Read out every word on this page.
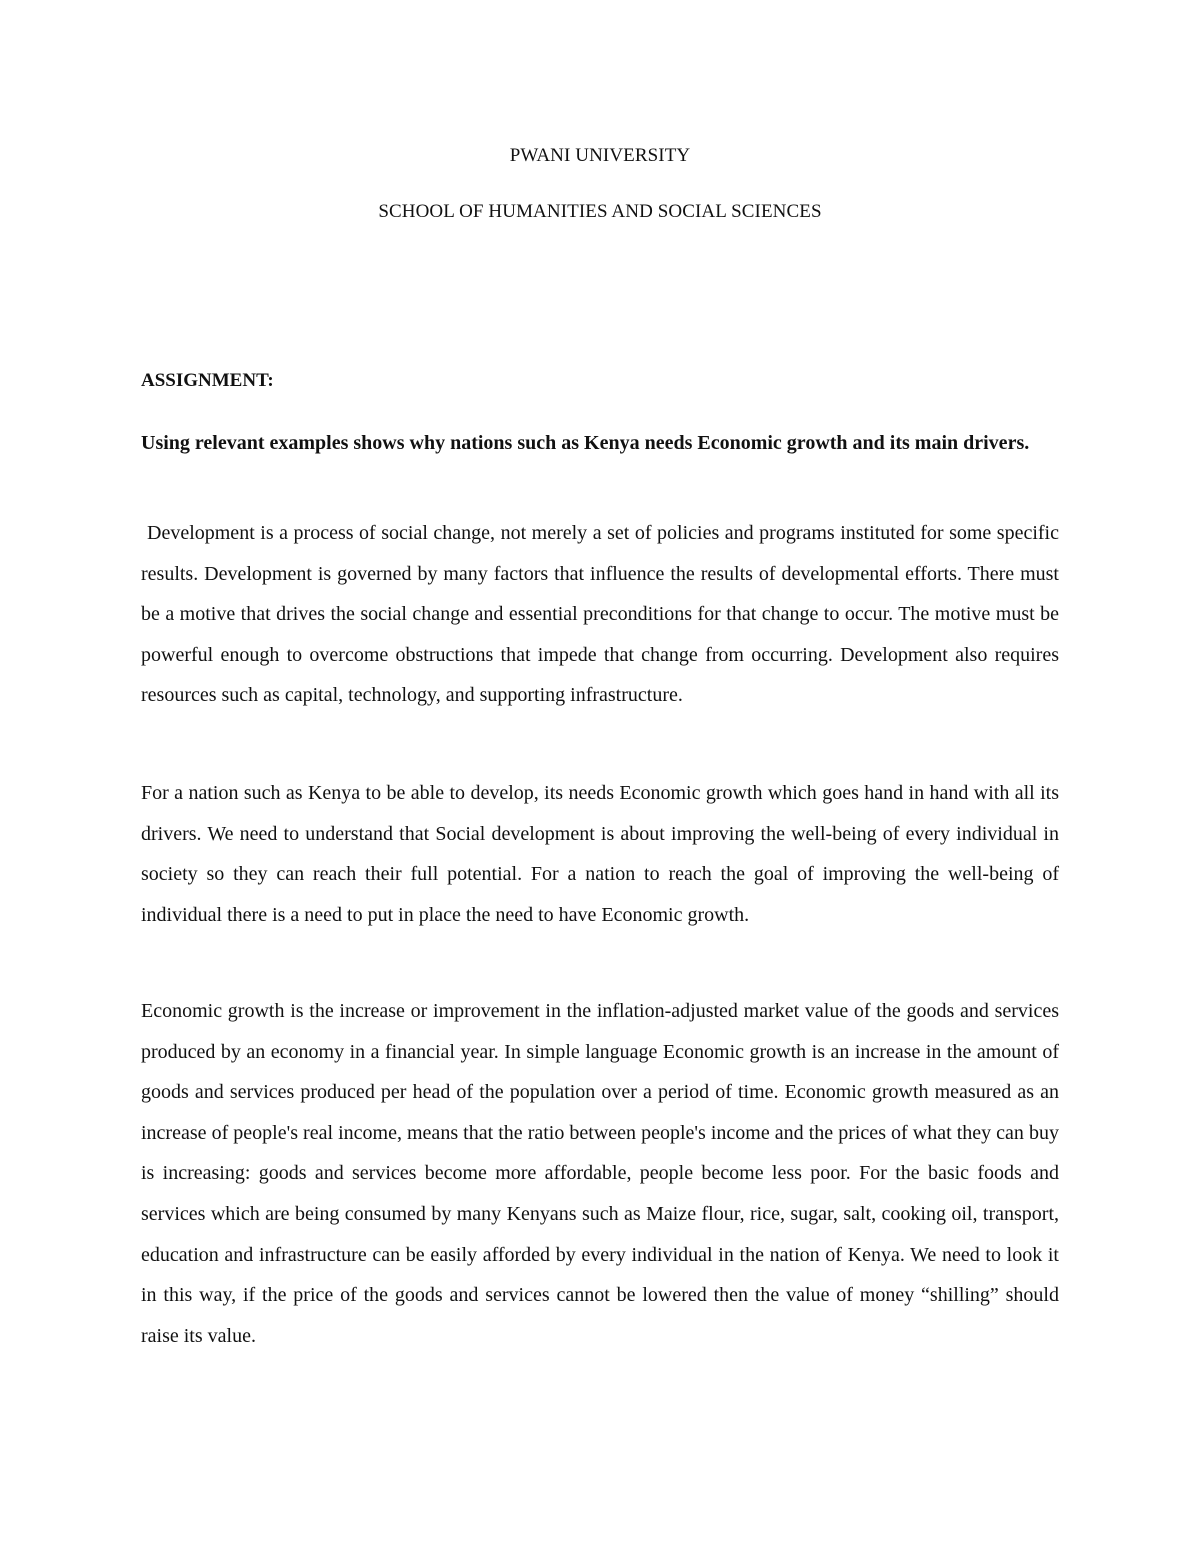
PWANI UNIVERSITY
SCHOOL OF HUMANITIES AND SOCIAL SCIENCES
ASSIGNMENT:

Using relevant examples shows why nations such as Kenya needs Economic growth and its main drivers.

Development is a process of social change, not merely a set of policies and programs instituted for some specific results. Development is governed by many factors that influence the results of developmental efforts. There must be a motive that drives the social change and essential preconditions for that change to occur. The motive must be powerful enough to overcome obstructions that impede that change from occurring. Development also requires resources such as capital, technology, and supporting infrastructure.

For a nation such as Kenya to be able to develop, its needs Economic growth which goes hand in hand with all its drivers. We need to understand that Social development is about improving the well-being of every individual in society so they can reach their full potential. For a nation to reach the goal of improving the well-being of individual there is a need to put in place the need to have Economic growth.

Economic growth is the increase or improvement in the inflation-adjusted market value of the goods and services produced by an economy in a financial year. In simple language Economic growth is an increase in the amount of goods and services produced per head of the population over a period of time. Economic growth measured as an increase of people's real income, means that the ratio between people's income and the prices of what they can buy is increasing: goods and services become more affordable, people become less poor. For the basic foods and services which are being consumed by many Kenyans such as Maize flour, rice, sugar, salt, cooking oil, transport, education and infrastructure can be easily afforded by every individual in the nation of Kenya. We need to look it in this way, if the price of the goods and services cannot be lowered then the value of money “shilling” should raise its value.
